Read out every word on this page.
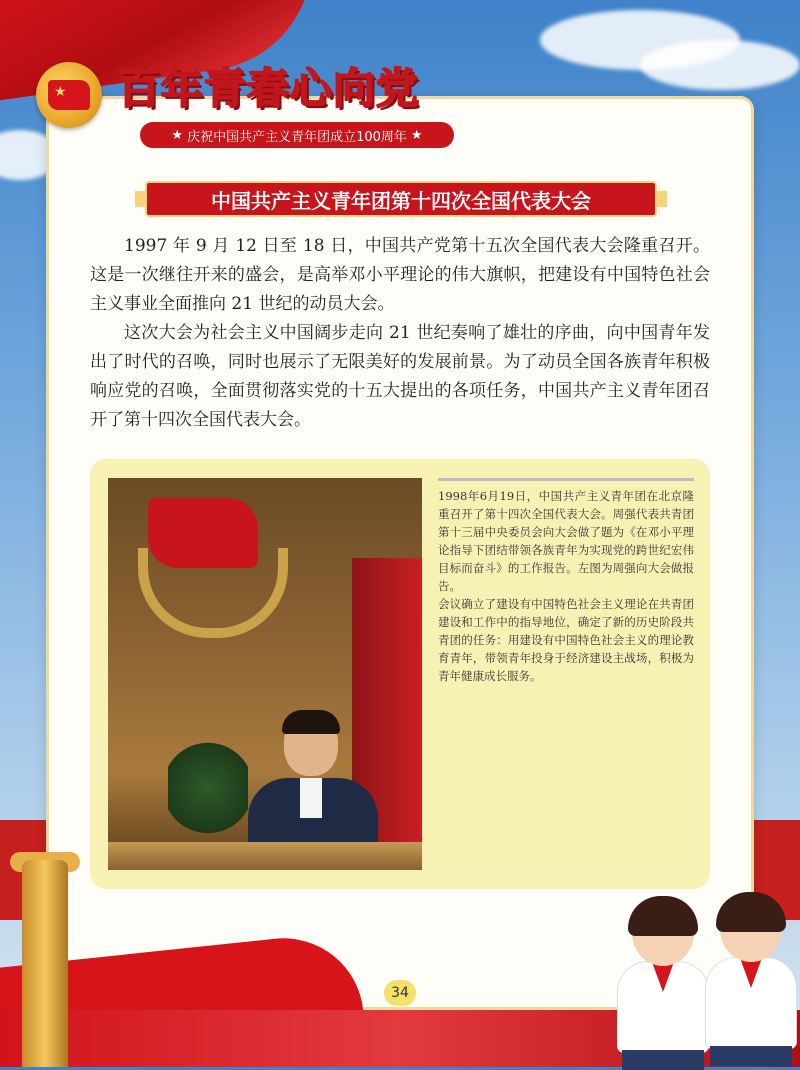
★
百年青春心向党
★ 庆祝中国共产主义青年团成立100周年 ★
中国共产主义青年团第十四次全国代表大会

1997 年 9 月 12 日至 18 日，中国共产党第十五次全国代表大会隆重召开。这是一次继往开来的盛会，是高举邓小平理论的伟大旗帜，把建设有中国特色社会主义事业全面推向 21 世纪的动员大会。

这次大会为社会主义中国阔步走向 21 世纪奏响了雄壮的序曲，向中国青年发出了时代的召唤，同时也展示了无限美好的发展前景。为了动员全国各族青年积极响应党的召唤，全面贯彻落实党的十五大提出的各项任务，中国共产主义青年团召开了第十四次全国代表大会。

1998年6月19日，中国共产主义青年团在北京隆重召开了第十四次全国代表大会。周强代表共青团第十三届中央委员会向大会做了题为《在邓小平理论指导下团结带领各族青年为实现党的跨世纪宏伟目标而奋斗》的工作报告。左图为周强向大会做报告。

会议确立了建设有中国特色社会主义理论在共青团建设和工作中的指导地位，确定了新的历史阶段共青团的任务：用建设有中国特色社会主义的理论教育青年，带领青年投身于经济建设主战场，积极为青年健康成长服务。

34
